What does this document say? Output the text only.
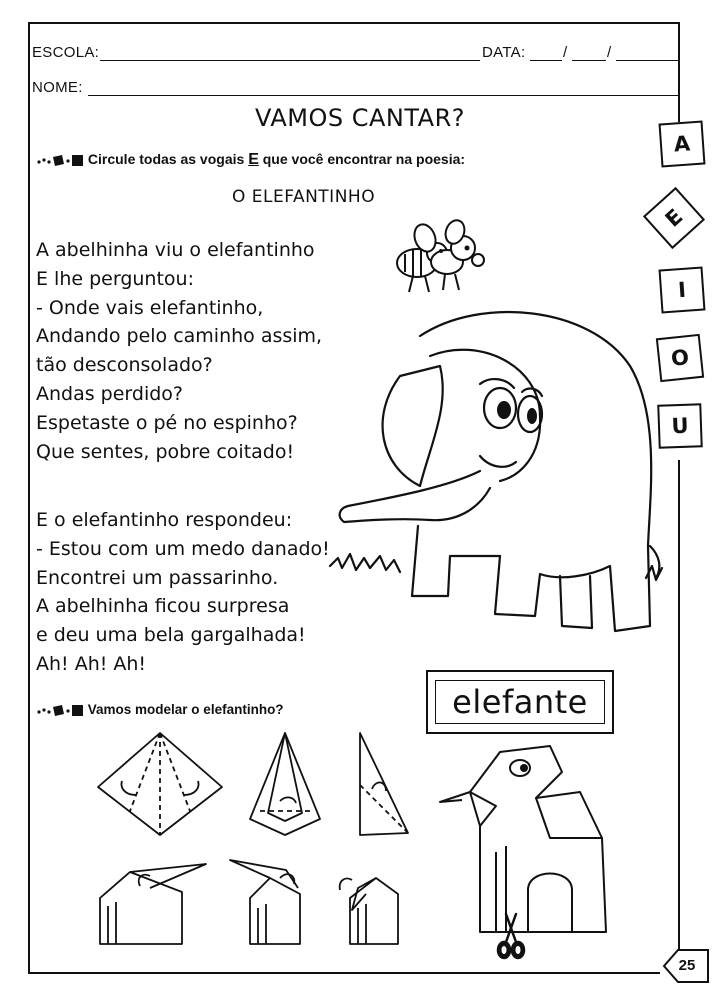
ESCOLA:	DATA:	/	/
NOME:
VAMOS CANTAR?
Circule todas as vogais E que você encontrar na poesia:
O ELEFANTINHO
A abelhinha viu o elefantinho
E lhe perguntou:
- Onde vais elefantinho,
Andando pelo caminho assim,
tão desconsolado?
Andas perdido?
Espetaste o pé no espinho?
Que sentes, pobre coitado!
E o elefantinho respondeu:
- Estou com um medo danado!
Encontrei um passarinho.
A abelhinha ficou surpresa
e deu uma bela gargalhada!
Ah! Ah! Ah!
A
E
I
O
U
elefante
Vamos modelar o elefantinho?
25
